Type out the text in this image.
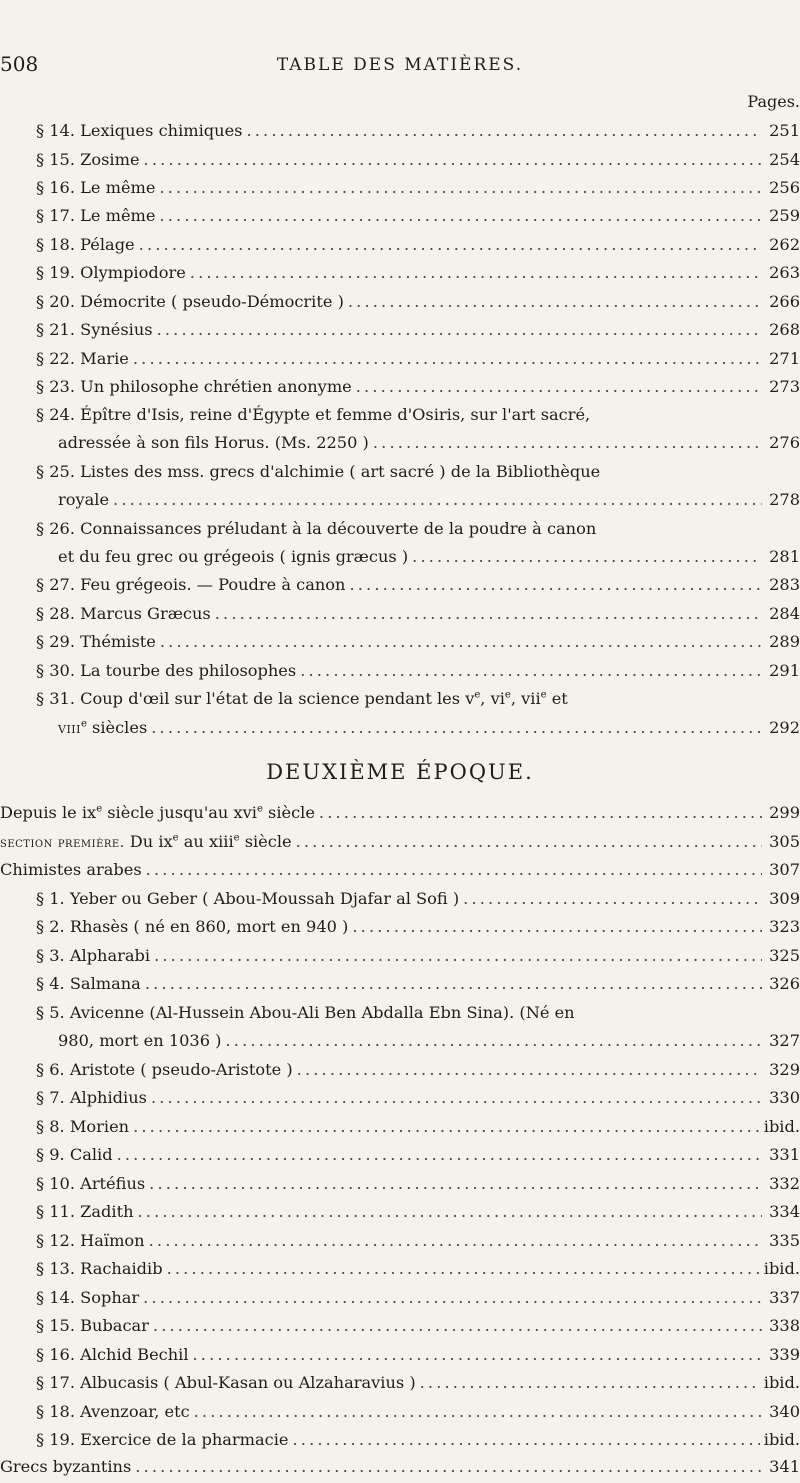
508	TABLE DES MATIÈRES.
Pages.
§ 14. Lexiques chimiques . . .	251
§ 15. Zosime . . .	254
§ 16. Le même . . .	256
§ 17. Le même . . .	259
§ 18. Pélage . . .	262
§ 19. Olympiodore . . .	263
§ 20. Démocrite ( pseudo-Démocrite ) . . .	266
§ 21. Synésius . . .	268
§ 22. Marie . . .	271
§ 23. Un philosophe chrétien anonyme . . .	273
§ 24. Épître d'Isis, reine d'Égypte et femme d'Osiris, sur l'art sacré,
adressée à son fils Horus. (Ms. 2250 ) . . .	276
§ 25. Listes des mss. grecs d'alchimie ( art sacré ) de la Bibliothèque
royale . . .	278
§ 26. Connaissances préludant à la découverte de la poudre à canon
et du feu grec ou grégeois ( ignis græcus ) . . .	281
§ 27. Feu grégeois. — Poudre à canon . . .	283
§ 28. Marcus Græcus . . .	284
§ 29. Thémiste . . .	289
§ 30. La tourbe des philosophes . . .	291
§ 31. Coup d'œil sur l'état de la science pendant les $v^e$, $vi^e$, vii$^e$ et
viii$^e$ siècles . . .	292
DEUXIÈME ÉPOQUE.
Depuis le $ix^e$ siècle jusqu'au xvi$^e$ siècle . . .	299
section première. Du $ix^e$ au xiii$^e$ siècle . . .	305
Chimistes arabes . . .	307
§ 1. Yeber ou Geber ( Abou-Moussah Djafar al Sofi ) . . .	309
§ 2. Rhasès ( né en 860, mort en 940 ) . . .	323
§ 3. Alpharabi . . .	325
§ 4. Salmana . . .	326
§ 5. Avicenne (Al-Hussein Abou-Ali Ben Abdalla Ebn Sina). (Né en
980, mort en 1036 ) . . .	327
§ 6. Aristote ( pseudo-Aristote ) . . .	329
§ 7. Alphidius . . .	330
§ 8. Morien . . .	ibid.
§ 9. Calid . . .	331
§ 10. Artéfius . . .	332
§ 11. Zadith . . .	334
§ 12. Haïmon . . .	335
§ 13. Rachaidib . . .	ibid.
§ 14. Sophar . . .	337
§ 15. Bubacar . . .	338
§ 16. Alchid Bechil . . .	339
§ 17. Albucasis ( Abul-Kasan ou Alzaharavius ) . . .	ibid.
§ 18. Avenzoar, etc . . .	340
§ 19. Exercice de la pharmacie . . .	ibid.
Grecs byzantins . . .	341
